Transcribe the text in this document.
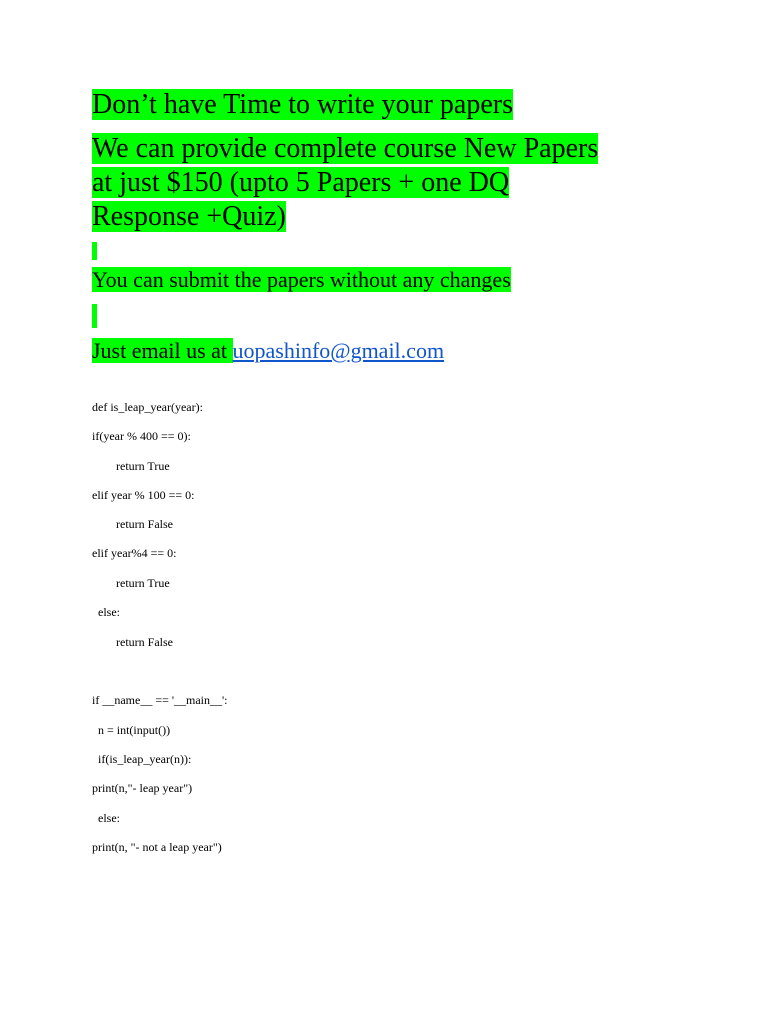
Don’t have Time to write your papers
We can provide complete course New Papers
at just $150 (upto 5 Papers + one DQ
Response +Quiz)
You can submit the papers without any changes
Just email us at uopashinfo@gmail.com
def is_leap_year(year):
if(year % 400 == 0):
return True
elif year % 100 == 0:
return False
elif year%4 == 0:
return True
else:
return False
if __name__ == '__main__':
n = int(input())
if(is_leap_year(n)):
print(n,"- leap year")
else:
print(n, "- not a leap year")
